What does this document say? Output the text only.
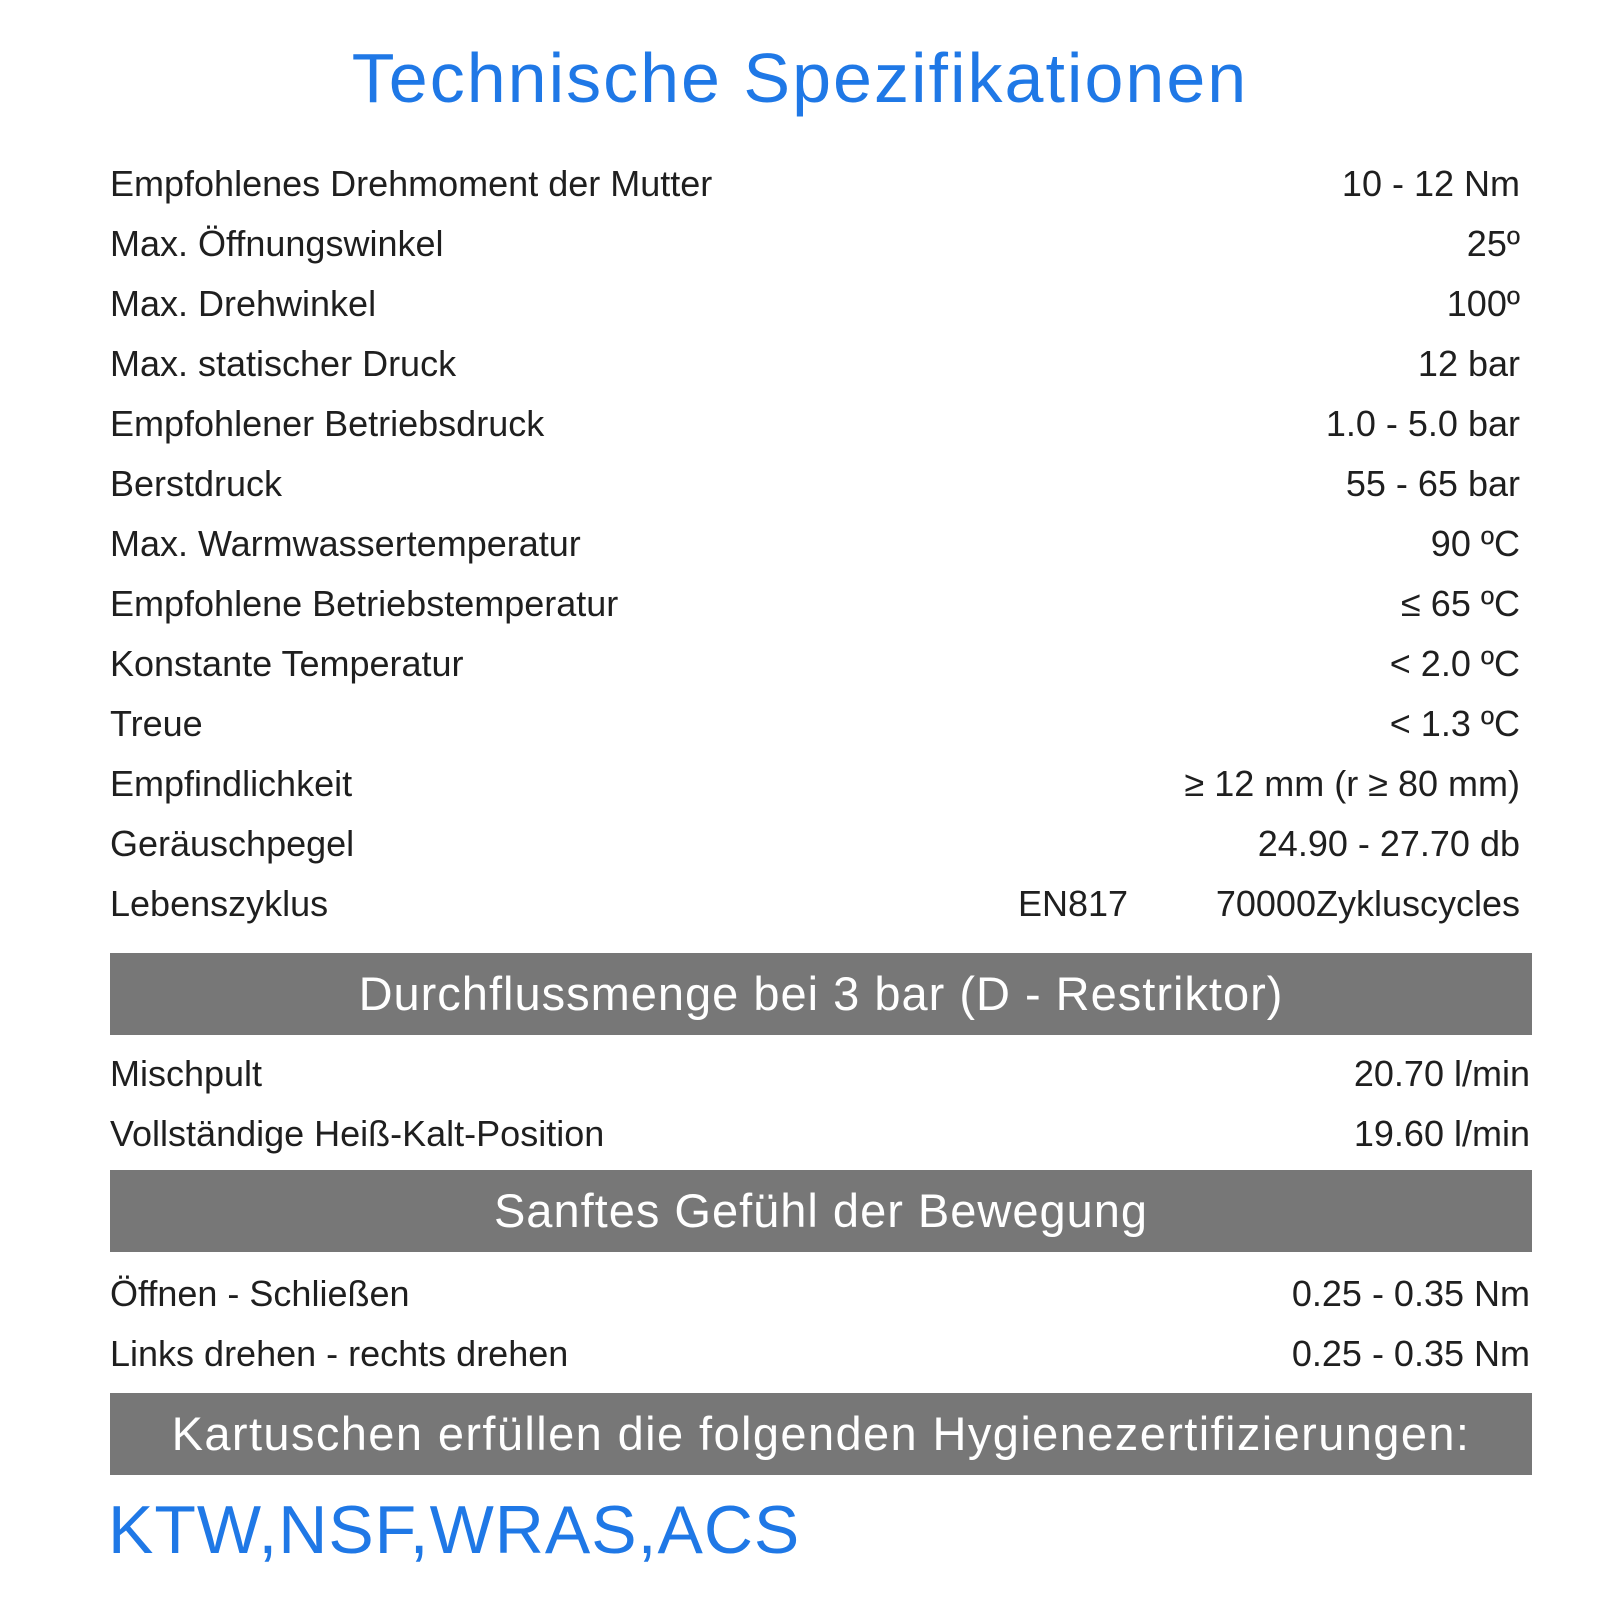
Technische Spezifikationen
Empfohlenes Drehmoment der Mutter	10 - 12 Nm
Max. Öffnungswinkel	25º
Max. Drehwinkel	100º
Max. statischer Druck	12 bar
Empfohlener Betriebsdruck	1.0 - 5.0 bar
Berstdruck	55 - 65 bar
Max. Warmwassertemperatur	90 ºC
Empfohlene Betriebstemperatur	≤ 65 ºC
Konstante Temperatur	< 2.0 ºC
Treue	< 1.3 ºC
Empfindlichkeit	≥ 12 mm (r ≥ 80 mm)
Geräuschpegel	24.90 - 27.70 db
Lebenszyklus	EN817 70000Zykluscycles
Durchflussmenge bei 3 bar (D - Restriktor)
Mischpult	20.70 l/min
Vollständige Heiß-Kalt-Position	19.60 l/min
Sanftes Gefühl der Bewegung
Öffnen - Schließen	0.25 - 0.35 Nm
Links drehen - rechts drehen	0.25 - 0.35 Nm
Kartuschen erfüllen die folgenden Hygienezertifizierungen:
KTW,NSF,WRAS,ACS
